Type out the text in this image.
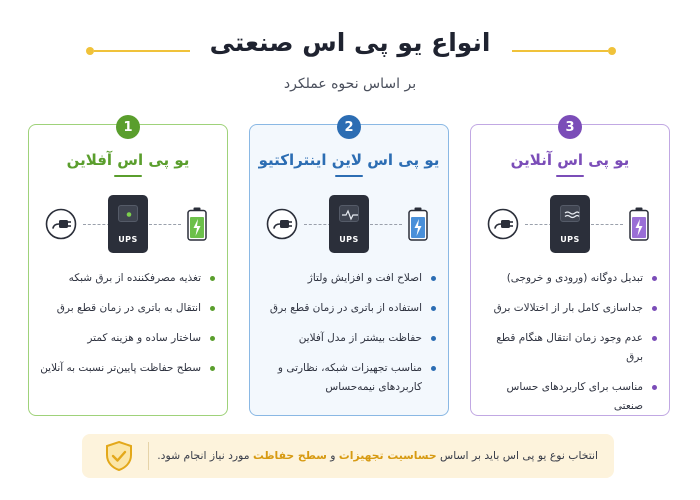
انواع یو پی اس صنعتی
بر اساس نحوه عملکرد
1
یو پی اس آفلاین
UPS
تغذیه مصرفکننده از برق شبکه
انتقال به باتری در زمان قطع برق
ساختار ساده و هزینه کمتر
سطح حفاظت پایین‌تر نسبت به آنلاین
2
یو پی اس لاین اینتراکتیو
UPS
اصلاح افت و افزایش ولتاژ
استفاده از باتری در زمان قطع برق
حفاظت بیشتر از مدل آفلاین
مناسب تجهیزات شبکه، نظارتی و کاربردهای نیمه‌حساس
3
یو پی اس آنلاین
UPS
تبدیل دوگانه (ورودی و خروجی)
جداسازی کامل بار از اختلالات برق
عدم وجود زمان انتقال هنگام قطع برق
مناسب برای کاربردهای حساس صنعتی
انتخاب نوع یو پی اس باید بر اساس حساسیت تجهیزات و سطح حفاظت مورد نیاز انجام شود.
